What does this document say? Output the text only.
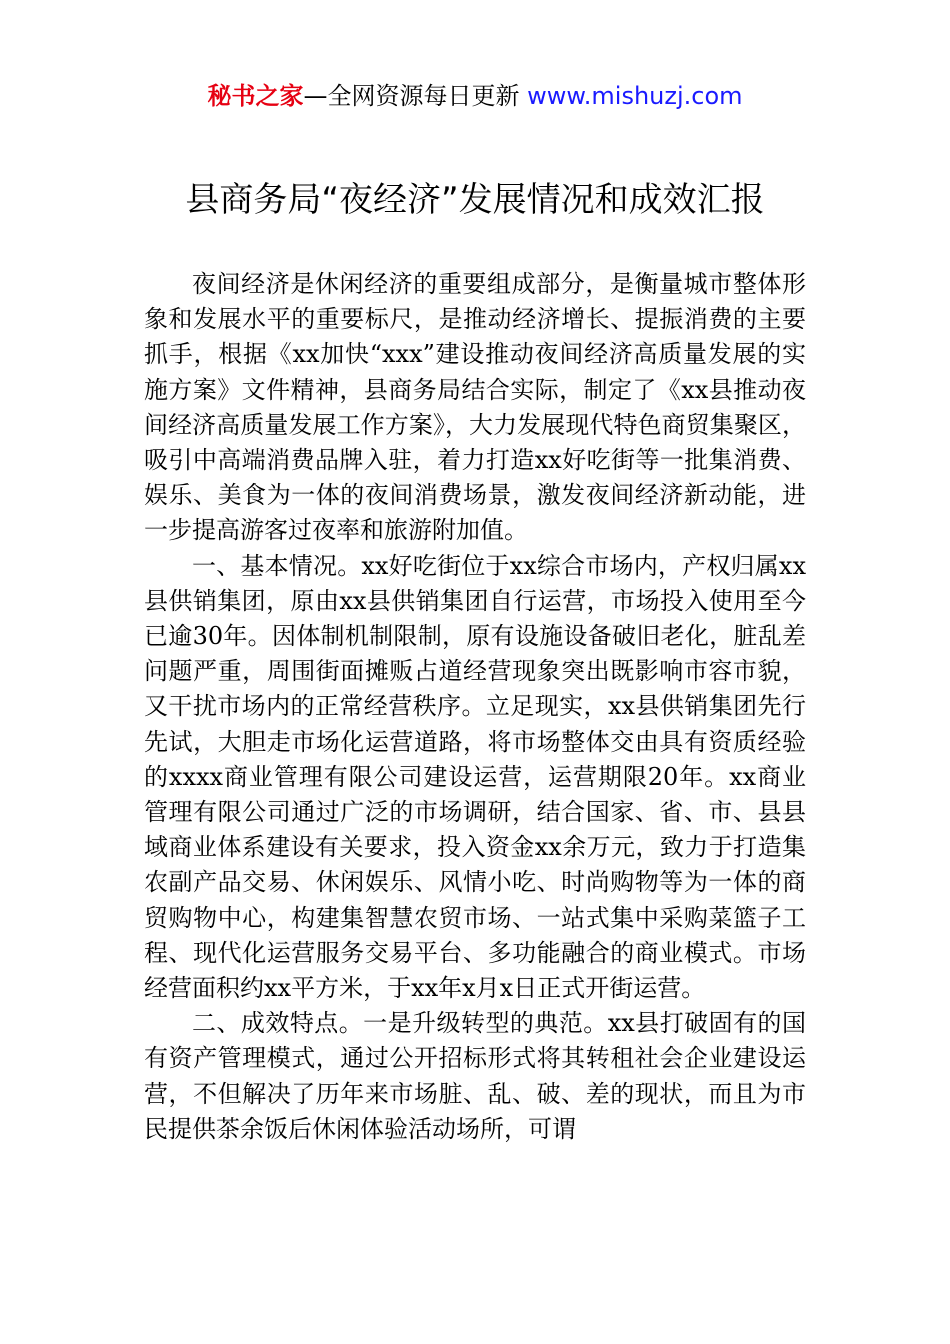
秘书之家—全网资源每日更新 www.mishuzj.com
县商务局“夜经济”发展情况和成效汇报

夜间经济是休闲经济的重要组成部分，是衡量城市整体形象和发展水平的重要标尺，是推动经济增长、提振消费的主要抓手，根据《xx加快“xxx”建设推动夜间经济高质量发展的实施方案》文件精神，县商务局结合实际，制定了《xx县推动夜间经济高质量发展工作方案》，大力发展现代特色商贸集聚区，吸引中高端消费品牌入驻，着力打造xx好吃街等一批集消费、娱乐、美食为一体的夜间消费场景，激发夜间经济新动能，进一步提高游客过夜率和旅游附加值。

一、基本情况。xx好吃街位于xx综合市场内，产权归属xx县供销集团，原由xx县供销集团自行运营，市场投入使用至今已逾30年。因体制机制限制，原有设施设备破旧老化，脏乱差问题严重，周围街面摊贩占道经营现象突出既影响市容市貌，又干扰市场内的正常经营秩序。立足现实，xx县供销集团先行先试，大胆走市场化运营道路，将市场整体交由具有资质经验的xxxx商业管理有限公司建设运营，运营期限20年。xx商业管理有限公司通过广泛的市场调研，结合国家、省、市、县县域商业体系建设有关要求，投入资金xx余万元，致力于打造集农副产品交易、休闲娱乐、风情小吃、时尚购物等为一体的商贸购物中心，构建集智慧农贸市场、一站式集中采购菜篮子工程、现代化运营服务交易平台、多功能融合的商业模式。市场经营面积约xx平方米，于xx年x月x日正式开街运营。

二、成效特点。一是升级转型的典范。xx县打破固有的国有资产管理模式，通过公开招标形式将其转租社会企业建设运营，不但解决了历年来市场脏、乱、破、差的现状，而且为市民提供茶余饭后休闲体验活动场所，可谓
